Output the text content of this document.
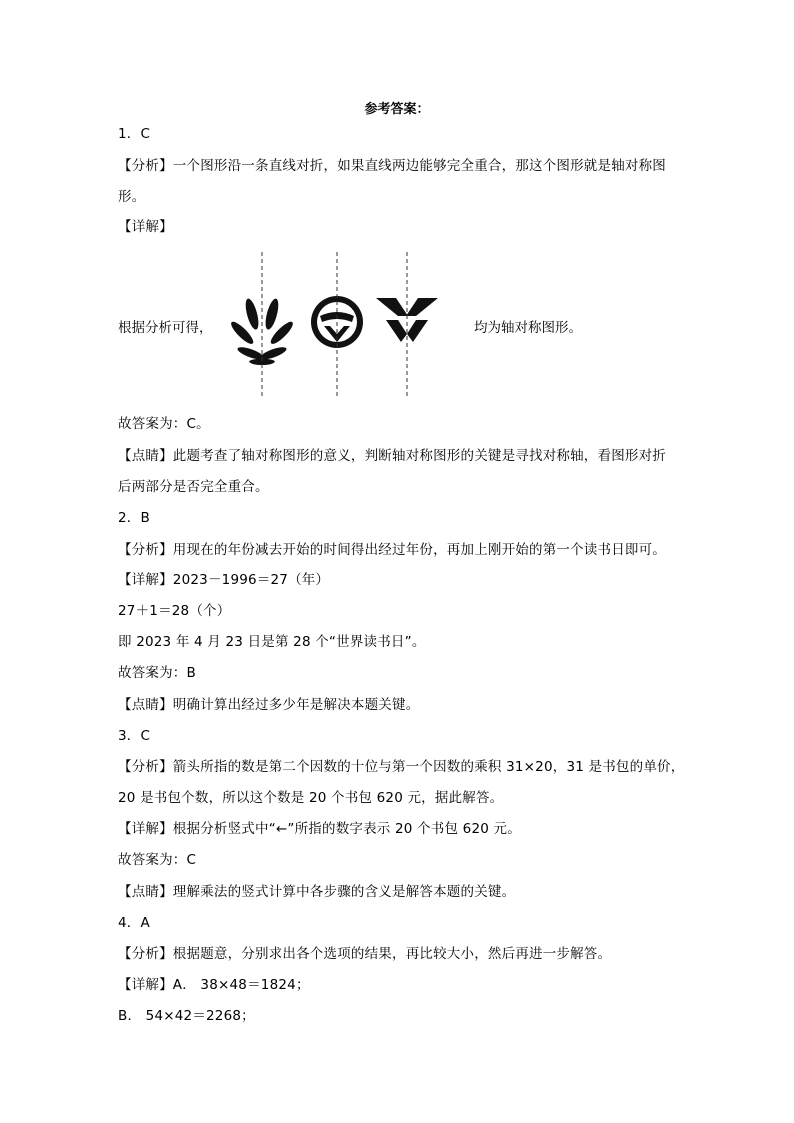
参考答案：
1．C
【分析】一个图形沿一条直线对折，如果直线两边能够完全重合，那这个图形就是轴对称图
形。
【详解】
根据分析可得，	均为轴对称图形。
故答案为：C。
【点睛】此题考查了轴对称图形的意义，判断轴对称图形的关键是寻找对称轴，看图形对折
后两部分是否完全重合。
2．B
【分析】用现在的年份减去开始的时间得出经过年份，再加上刚开始的第一个读书日即可。
【详解】2023－1996＝27（年）
27＋1＝28（个）
即 2023 年 4 月 23 日是第 28 个“世界读书日”。
故答案为：B
【点睛】明确计算出经过多少年是解决本题关键。
3．C
【分析】箭头所指的数是第二个因数的十位与第一个因数的乘积 31×20，31 是书包的单价，
20 是书包个数，所以这个数是 20 个书包 620 元，据此解答。
【详解】根据分析竖式中“←”所指的数字表示 20 个书包 620 元。
故答案为：C
【点睛】理解乘法的竖式计算中各步骤的含义是解答本题的关键。
4．A
【分析】根据题意，分别求出各个选项的结果，再比较大小，然后再进一步解答。
【详解】A． 38×48＝1824；
B． 54×42＝2268；
